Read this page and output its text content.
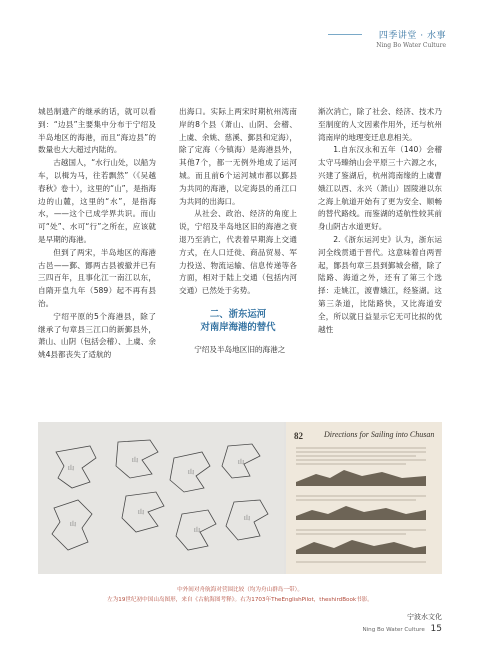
四季讲堂 · 水事
Ning Bo Water Culture

城邑制遗产的继承的话，就可以看到：“边县”主要集中分布于宁绍及半岛地区的海港，而且“海边县”的数量也大大超过内陆的。

古越国人，“水行山处，以船为车，以楫为马，往若飘然”（《吴越春秋》卷十），这里的“山”，是指海边的山麓，这里的“水”，是指海水，——这个已成学界共识。而山可“处”、水可“行”之所在，应该就是早期的海港。

但到了两宋，半岛地区的海港古邑——鄞、鄮两古县被撤并已有三四百年，且事化江一南江以东，自隋开皇九年（589）起不再有县治。

宁绍平原的5个海港县，除了继承了句章县三江口的新鄞县外，萧山、山阴（包括会稽）、上虞、余姚4县都丧失了适航的

出海口。实际上两宋时期杭州湾南岸的8个县（萧山、山阴、会稽、上虞、余姚、慈溪、鄞县和定海），除了定海（今镇海）是海港县外，其他7个，都一无例外地成了运河城。而且前6个运河城市都以鄞县为共同的海港，以定海县的甬江口为共同的出海口。

从社会、政治、经济的角度上说，宁绍及半岛地区旧的海港之衰退乃至消亡，代表着早期海上交通方式，在人口迁徙、商品贸易、军力投送、物流运输、信息传递等各方面，相对于陆上交通（包括内河交通）已然处于劣势。

二、浙东运河
对南岸海港的替代

宁绍及半岛地区旧的海港之

渐次消亡，除了社会、经济、技术乃至制度的人文因素作用外，还与杭州湾南岸的地理变迁息息相关。

1.自东汉永和五年（140）会稽太守马臻纳山会平原三十六源之水，兴建了鉴湖后，杭州湾南缘的上虞曹娥江以西、永兴（萧山）固陵港以东之海上航道开始有了更为安全、顺畅的替代路线。而鉴湖的适航性较其前身山阴古水道更好。

2.《浙东运河史》认为，浙东运河全线贯通于晋代。这意味着自两晋起，鄮县句章三县到鄞城会稽，除了陆路、海道之外，还有了第三个选择：走姚江，渡曹娥江，经鉴湖。这第三条道，比陆路快，又比海道安全，所以就日益显示它无可比拟的优越性

山
山
山
山
山
山
山
山
82	Directions for Sailing into Chusan
中外间对舟航海对营围比较（均为舟山群岛一带）。
左为19世纪初中国山岛图形，来自《古航海图考释》。右为1703年TheEnglishPilot，theshirdBook书影。
宁波水文化
Ning Bo Water Culture 15
